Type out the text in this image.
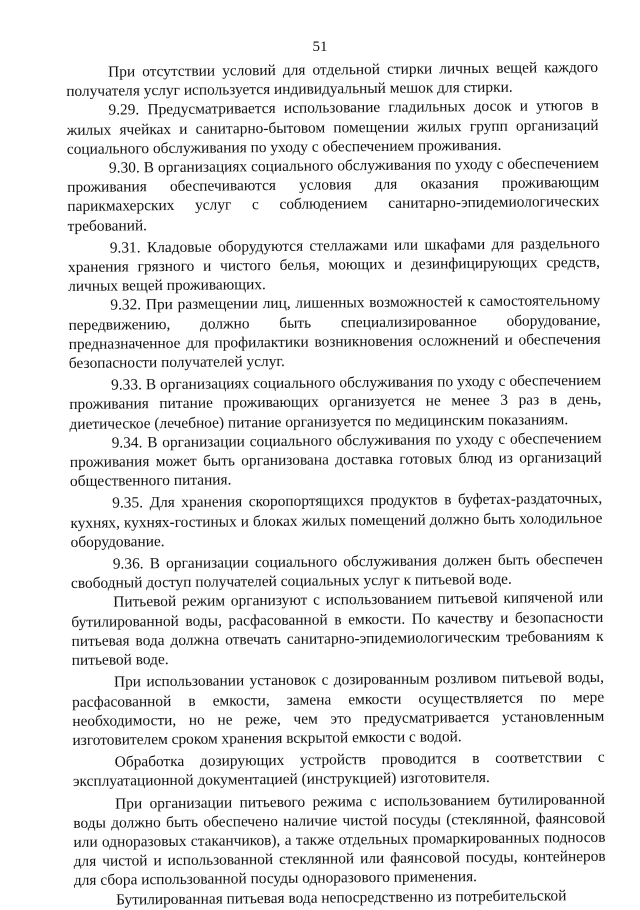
51

При отсутствии условий для отдельной стирки личных вещей каждого получателя услуг используется индивидуальный мешок для стирки.

9.29. Предусматривается использование гладильных досок и утюгов в жилых ячейках и санитарно-бытовом помещении жилых групп организаций социального обслуживания по уходу с обеспечением проживания.

9.30. В организациях социального обслуживания по уходу с обеспечением проживания обеспечиваются условия для оказания проживающим парикмахерских услуг с соблюдением санитарно-эпидемиологических требований.

9.31. Кладовые оборудуются стеллажами или шкафами для раздельного хранения грязного и чистого белья, моющих и дезинфицирующих средств, личных вещей проживающих.

9.32. При размещении лиц, лишенных возможностей к самостоятельному передвижению, должно быть специализированное оборудование, предназначенное для профилактики возникновения осложнений и обеспечения безопасности получателей услуг.

9.33. В организациях социального обслуживания по уходу с обеспечением проживания питание проживающих организуется не менее 3 раз в день, диетическое (лечебное) питание организуется по медицинским показаниям.

9.34. В организации социального обслуживания по уходу с обеспечением проживания может быть организована доставка готовых блюд из организаций общественного питания.

9.35. Для хранения скоропортящихся продуктов в буфетах-раздаточных, кухнях, кухнях-гостиных и блоках жилых помещений должно быть холодильное оборудование.

9.36. В организации социального обслуживания должен быть обеспечен свободный доступ получателей социальных услуг к питьевой воде.

Питьевой режим организуют с использованием питьевой кипяченой или бутилированной воды, расфасованной в емкости. По качеству и безопасности питьевая вода должна отвечать санитарно-эпидемиологическим требованиям к питьевой воде.

При использовании установок с дозированным розливом питьевой воды, расфасованной в емкости, замена емкости осуществляется по мере необходимости, но не реже, чем это предусматривается установленным изготовителем сроком хранения вскрытой емкости с водой.

Обработка дозирующих устройств проводится в соответствии с эксплуатационной документацией (инструкцией) изготовителя.

При организации питьевого режима с использованием бутилированной воды должно быть обеспечено наличие чистой посуды (стеклянной, фаянсовой или одноразовых стаканчиков), а также отдельных промаркированных подносов для чистой и использованной стеклянной или фаянсовой посуды, контейнеров для сбора использованной посуды одноразового применения.

Бутилированная питьевая вода непосредственно из потребительской
